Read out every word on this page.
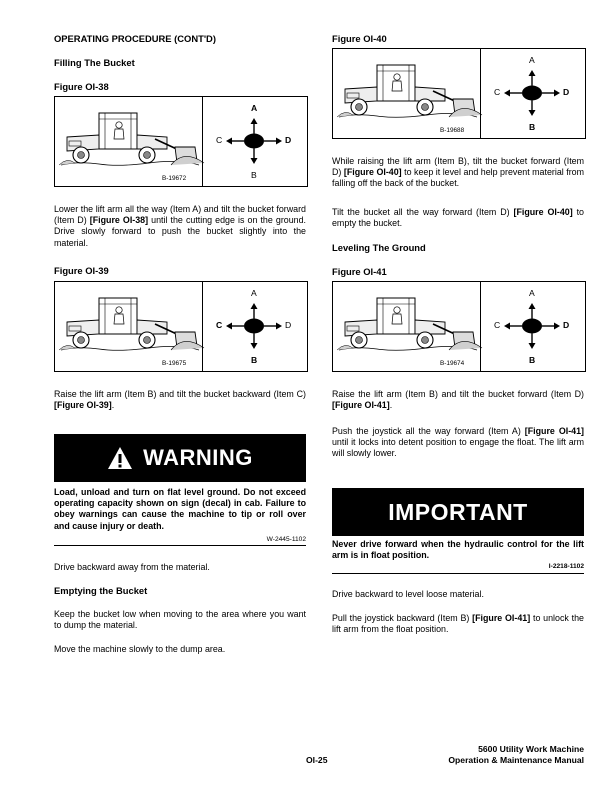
OPERATING PROCEDURE (CONT'D)
Filling The Bucket
Figure OI-38
B-19672
A
B
C	D
Lower the lift arm all the way (Item A) and tilt the bucket forward (Item D) [Figure OI-38] until the cutting edge is on the ground. Drive slowly forward to push the bucket slightly into the material.
Figure OI-39
B-19675
A
B
C	D
Raise the lift arm (Item B) and tilt the bucket backward (Item C) [Figure OI-39].
WARNING
Load, unload and turn on flat level ground. Do not exceed operating capacity shown on sign (decal) in cab. Failure to obey warnings can cause the machine to tip or roll over and cause injury or death.
W-2445-1102
Drive backward away from the material.
Emptying the Bucket
Keep the bucket low when moving to the area where you want to dump the material.
Move the machine slowly to the dump area.
Figure OI-40
B-19688
A
B
C	D
While raising the lift arm (Item B), tilt the bucket forward (Item D) [Figure OI-40] to keep it level and help prevent material from falling off the back of the bucket.
Tilt the bucket all the way forward (Item D) [Figure OI-40] to empty the bucket.
Leveling The Ground
Figure OI-41
B-19674
A
B
C	D
Raise the lift arm (Item B) and tilt the bucket forward (Item D) [Figure OI-41].
Push the joystick all the way forward (Item A) [Figure OI-41] until it locks into detent position to engage the float. The lift arm will slowly lower.
IMPORTANT
Never drive forward when the hydraulic control for the lift arm is in float position.
I-2218-1102
Drive backward to level loose material.
Pull the joystick backward (Item B) [Figure OI-41] to unlock the lift arm from the float position.
OI-25
5600 Utility Work Machine
Operation & Maintenance Manual
